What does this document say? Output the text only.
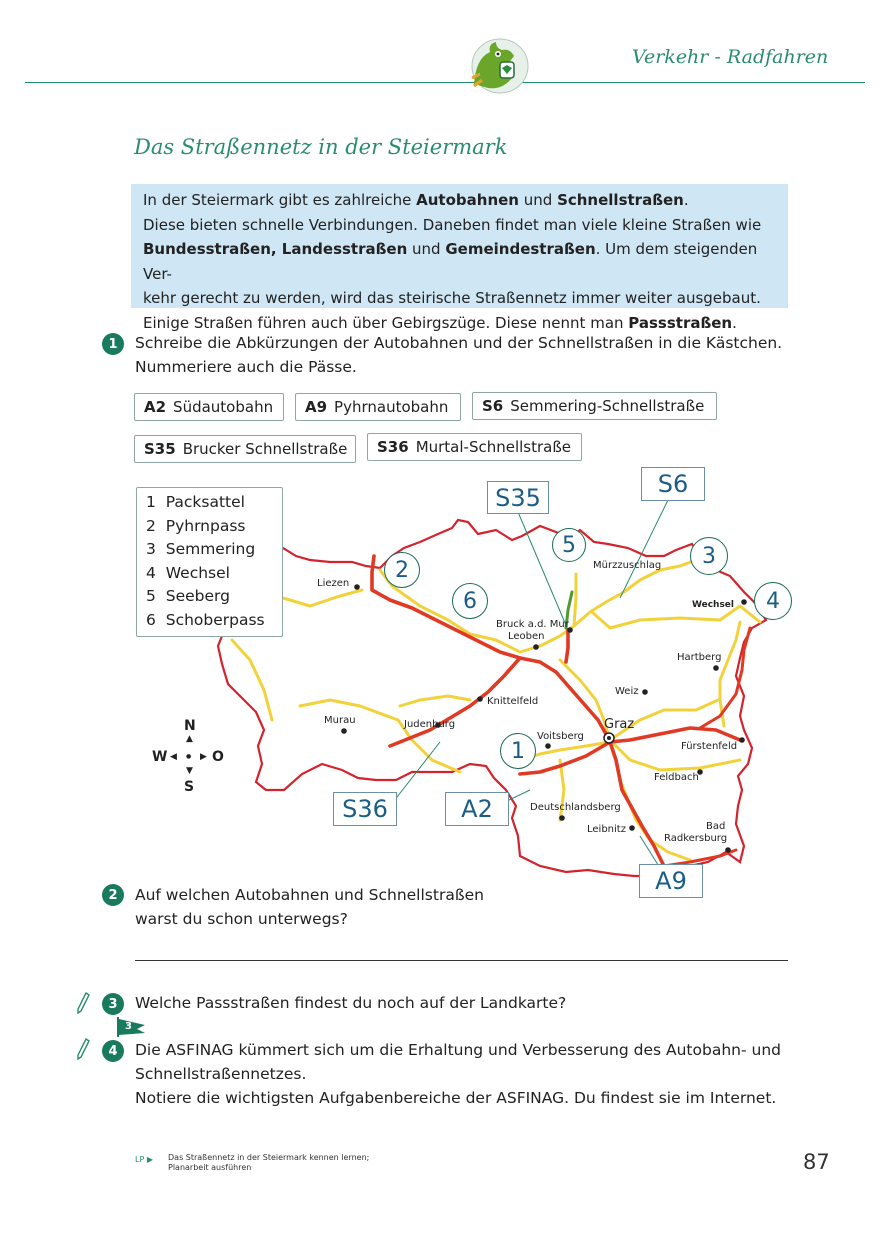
Verkehr - Radfahren
Das Straßennetz in der Steiermark
In der Steiermark gibt es zahlreiche Autobahnen und Schnellstraßen.
Diese bieten schnelle Verbindungen. Daneben findet man viele kleine Straßen wie
Bundesstraßen, Landesstraßen und Gemeindestraßen. Um dem steigenden Ver-
kehr gerecht zu werden, wird das steirische Straßennetz immer weiter ausgebaut.
Einige Straßen führen auch über Gebirgszüge. Diese nennt man Passstraßen.
1	Schreibe die Abkürzungen der Autobahnen und der Schnellstraßen in die Kästchen.
Nummeriere auch die Pässe.
A2 Südautobahn A9 Pyhrnautobahn S6 Semmering-Schnellstraße
S35 Brucker Schnellstraße S36 Murtal-Schnellstraße
Liezen
Mürzzuschlag
Wechsel
Bruck a.d. Mur
Leoben
Hartberg
Knittelfeld
Weiz
Murau	Judenburg	Graz
Voitsberg
Fürstenfeld
Feldbach
Deutschlandsberg
Leibnitz	Bad
Radkersburg
N
▲
W ◀ ● ▶ O
▼
S
1 Packsattel
2 Pyhrnpass
3 Semmering
4 Wechsel
5 Seeberg
6 Schoberpass
S35	S6
S36	A2
A9
5
2
3
4
6
1
2	Auf welchen Autobahnen und Schnellstraßen
warst du schon unterwegs?
3	Welche Passstraßen findest du noch auf der Landkarte?
3
4	Die ASFINAG kümmert sich um die Erhaltung und Verbesserung des Autobahn- und
Schnellstraßennetzes.
Notiere die wichtigsten Aufgabenbereiche der ASFINAG. Du findest sie im Internet.
LP ▶ Das Straßennetz in der Steiermark kennen lernen;
Planarbeit ausführen	87
